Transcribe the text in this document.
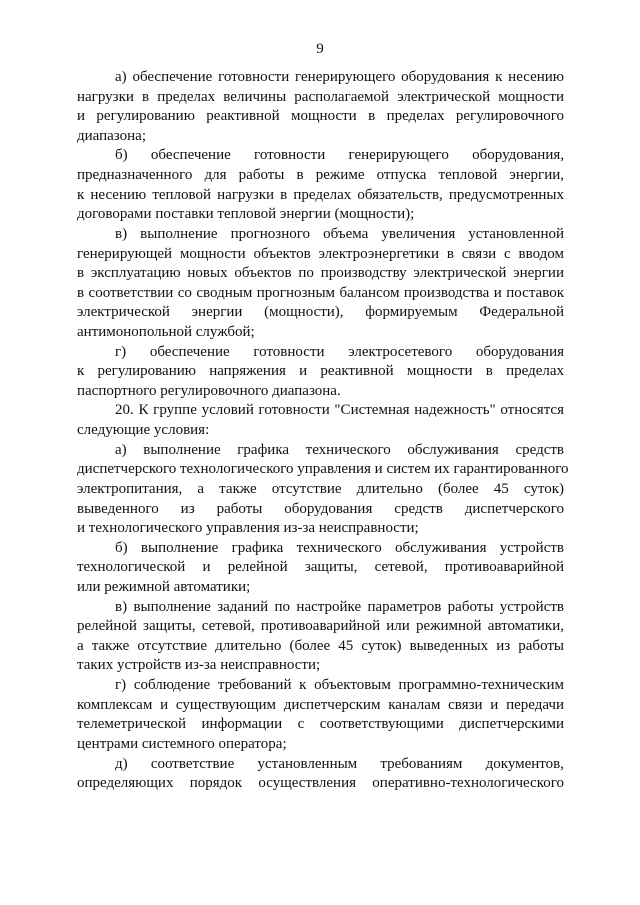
9
а) обеспечение готовности генерирующего оборудования к несению
нагрузки в пределах величины располагаемой электрической мощности
и регулированию реактивной мощности в пределах регулировочного
диапазона;
б) обеспечение готовности генерирующего оборудования,
предназначенного для работы в режиме отпуска тепловой энергии,
к несению тепловой нагрузки в пределах обязательств, предусмотренных
договорами поставки тепловой энергии (мощности);
в) выполнение прогнозного объема увеличения установленной
генерирующей мощности объектов электроэнергетики в связи с вводом
в эксплуатацию новых объектов по производству электрической энергии
в соответствии со сводным прогнозным балансом производства и поставок
электрической энергии (мощности), формируемым Федеральной
антимонопольной службой;
г) обеспечение готовности электросетевого оборудования
к регулированию напряжения и реактивной мощности в пределах
паспортного регулировочного диапазона.
20. К группе условий готовности "Системная надежность" относятся
следующие условия:
а) выполнение графика технического обслуживания средств
диспетчерского технологического управления и систем их гарантированного
электропитания, а также отсутствие длительно (более 45 суток)
выведенного из работы оборудования средств диспетчерского
и технологического управления из-за неисправности;
б) выполнение графика технического обслуживания устройств
технологической и релейной защиты, сетевой, противоаварийной
или режимной автоматики;
в) выполнение заданий по настройке параметров работы устройств
релейной защиты, сетевой, противоаварийной или режимной автоматики,
а также отсутствие длительно (более 45 суток) выведенных из работы
таких устройств из-за неисправности;
г) соблюдение требований к объектовым программно-техническим
комплексам и существующим диспетчерским каналам связи и передачи
телеметрической информации с соответствующими диспетчерскими
центрами системного оператора;
д) соответствие установленным требованиям документов,
определяющих порядок осуществления оперативно-технологического
